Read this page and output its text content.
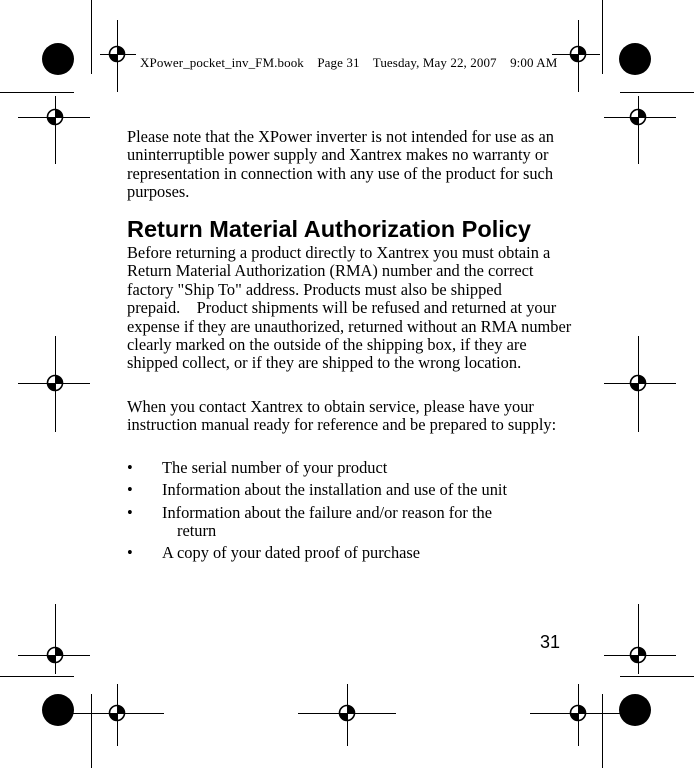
XPower_pocket_inv_FM.book Page 31 Tuesday, May 22, 2007 9:00 AM

Please note that the XPower inverter is not intended for use as an uninterruptible power supply and Xantrex makes no warranty or representation in connection with any use of the product for such purposes.

Return Material Authorization Policy

Before returning a product directly to Xantrex you must obtain a Return Material Authorization (RMA) number and the correct factory "Ship To" address. Products must also be shipped prepaid. Product shipments will be refused and returned at your expense if they are unauthorized, returned without an RMA number clearly marked on the outside of the shipping box, if they are shipped collect, or if they are shipped to the wrong location.

When you contact Xantrex to obtain service, please have your instruction manual ready for reference and be prepared to supply:

• The serial number of your product
• Information about the installation and use of the unit
• Information about the failure and/or reason for the
return
• A copy of your dated proof of purchase
31
